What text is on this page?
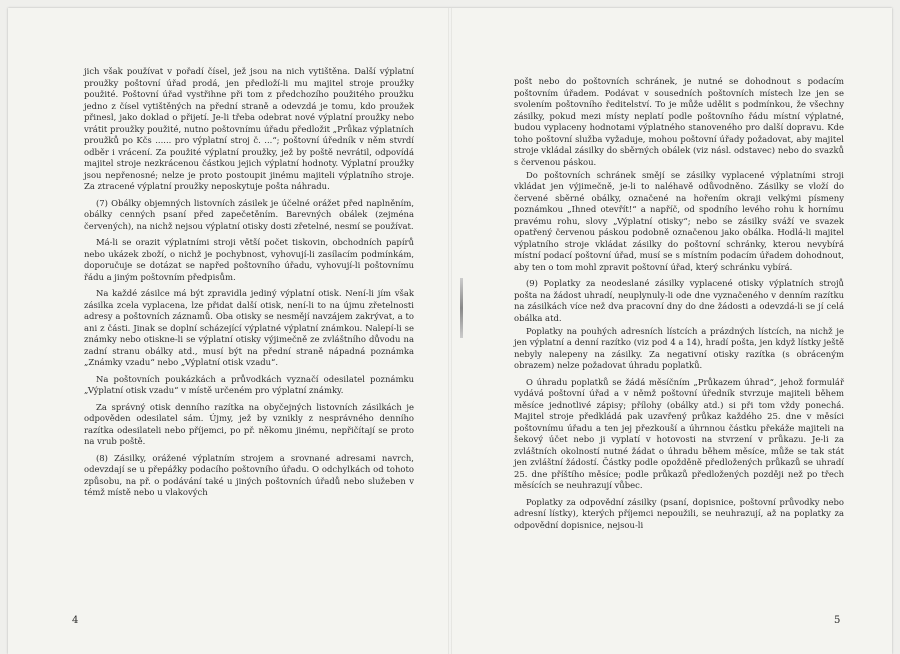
jich však používat v pořadí čísel, jež jsou na nich vytištěna. Další výplatní proužky poštovní úřad prodá, jen předloží-li mu majitel stroje proužky použité. Poštovní úřad vystřihne při tom z předchozího použitého proužku jedno z čísel vytištěných na přední straně a odevzdá je tomu, kdo proužek přinesl, jako doklad o přijetí. Je-li třeba odebrat nové výplatní proužky nebo vrátit proužky použité, nutno poštovnímu úřadu předložit „Průkaz výplatních proužků po Kčs ...... pro výplatní stroj č. ...“; poštovní úředník v něm stvrdí odběr i vrácení. Za použité výplatní proužky, jež by poště nevrátil, odpovídá majitel stroje nezkrácenou částkou jejich výplatní hodnoty. Výplatní proužky jsou nepřenosné; nelze je proto postoupit jinému majiteli výplatního stroje. Za ztracené výplatní proužky neposkytuje pošta náhradu.

(7) Obálky objemných listovních zásilek je účelné orážet před naplněním, obálky cenných psaní před zapečetěním. Barevných obálek (zejména červených), na nichž nejsou výplatní otisky dosti zřetelné, nesmí se používat.

Má-li se orazit výplatními stroji větší počet tiskovin, obchodních papírů nebo ukázek zboží, o nichž je pochybnost, vyhovují-li zasílacím podmínkám, doporučuje se dotázat se napřed poštovního úřadu, vyhovují-li poštovnímu řádu a jiným poštovním předpisům.

Na každé zásilce má být zpravidla jediný výplatní otisk. Není-li jím však zásilka zcela vyplacena, lze přidat další otisk, není-li to na újmu zřetelnosti adresy a poštovních záznamů. Oba otisky se nesmějí navzájem zakrývat, a to ani z části. Jinak se doplní scházející výplatné výplatní známkou. Nalepí-li se známky nebo otiskne-li se výplatní otisky výjimečně ze zvláštního důvodu na zadní stranu obálky atd., musí být na přední straně nápadná poznámka „Známky vzadu“ nebo „Výplatní otisk vzadu“.

Na poštovních poukázkách a průvodkách vyznačí odesilatel poznámku „Výplatní otisk vzadu“ v místě určeném pro výplatní známky.

Za správný otisk denního razítka na obyčejných listovních zásilkách je odpověden odesilatel sám. Újmy, jež by vznikly z nesprávného denního razítka odesilateli nebo příjemci, po př. někomu jinému, nepřičítají se proto na vrub poště.

(8) Zásilky, orážené výplatním strojem a srovnané adresami navrch, odevzdají se u přepážky podacího poštovního úřadu. O odchylkách od tohoto způsobu, na př. o podávání také u jiných poštovních úřadů nebo služeben v témž místě nebo u vlakových

4

pošt nebo do poštovních schránek, je nutné se dohodnout s podacím poštovním úřadem. Podávat v sousedních poštovních místech lze jen se svolením poštovního ředitelství. To je může udělit s podmínkou, že všechny zásilky, pokud mezi místy neplatí podle poštovního řádu místní výplatné, budou vyplaceny hodnotami výplatného stanoveného pro další dopravu. Kde toho poštovní služba vyžaduje, mohou poštovní úřady požadovat, aby majitel stroje vkládal zásilky do sběrných obálek (viz násl. odstavec) nebo do svazků s červenou páskou.

Do poštovních schránek smějí se zásilky vyplacené výplatními stroji vkládat jen výjimečně, je-li to naléhavě odůvodněno. Zásilky se vloží do červené sběrné obálky, označené na hořením okraji velkými písmeny poznámkou „Ihned otevřít!“ a napříč, od spodního levého rohu k hornímu pravému rohu, slovy „Výplatní otisky“; nebo se zásilky sváží ve svazek opatřený červenou páskou podobně označenou jako obálka. Hodlá-li majitel výplatního stroje vkládat zásilky do poštovní schránky, kterou nevybírá místní podací poštovní úřad, musí se s místním podacím úřadem dohodnout, aby ten o tom mohl zpravit poštovní úřad, který schránku vybírá.

(9) Poplatky za neodeslané zásilky vyplacené otisky výplatních strojů pošta na žádost uhradí, neuplynuly-li ode dne vyznačeného v denním razítku na zásilkách více než dva pracovní dny do dne žádosti a odevzdá-li se jí celá obálka atd.

Poplatky na pouhých adresních lístcích a prázdných lístcích, na nichž je jen výplatní a denní razítko (viz pod 4 a 14), hradí pošta, jen když lístky ještě nebyly nalepeny na zásilky. Za negativní otisky razítka (s obráceným obrazem) nelze požadovat úhradu poplatků.

O úhradu poplatků se žádá měsíčním „Průkazem úhrad“, jehož formulář vydává poštovní úřad a v němž poštovní úředník stvrzuje majiteli během měsíce jednotlivé zápisy; přílohy (obálky atd.) si při tom vždy ponechá. Majitel stroje předkládá pak uzavřený průkaz každého 25. dne v měsíci poštovnímu úřadu a ten jej přezkouší a úhrnnou částku překáže majiteli na šekový účet nebo ji vyplatí v hotovosti na stvrzení v průkazu. Je-li za zvláštních okolností nutné žádat o úhradu během měsíce, může se tak stát jen zvláštní žádostí. Částky podle opožděně předložených průkazů se uhradí 25. dne příštího měsíce; podle průkazů předložených později než po třech měsících se neuhrazují vůbec.

Poplatky za odpovědní zásilky (psaní, dopisnice, poštovní průvodky nebo adresní lístky), kterých příjemci nepoužili, se neuhrazují, až na poplatky za odpovědní dopisnice, nejsou-li

5
